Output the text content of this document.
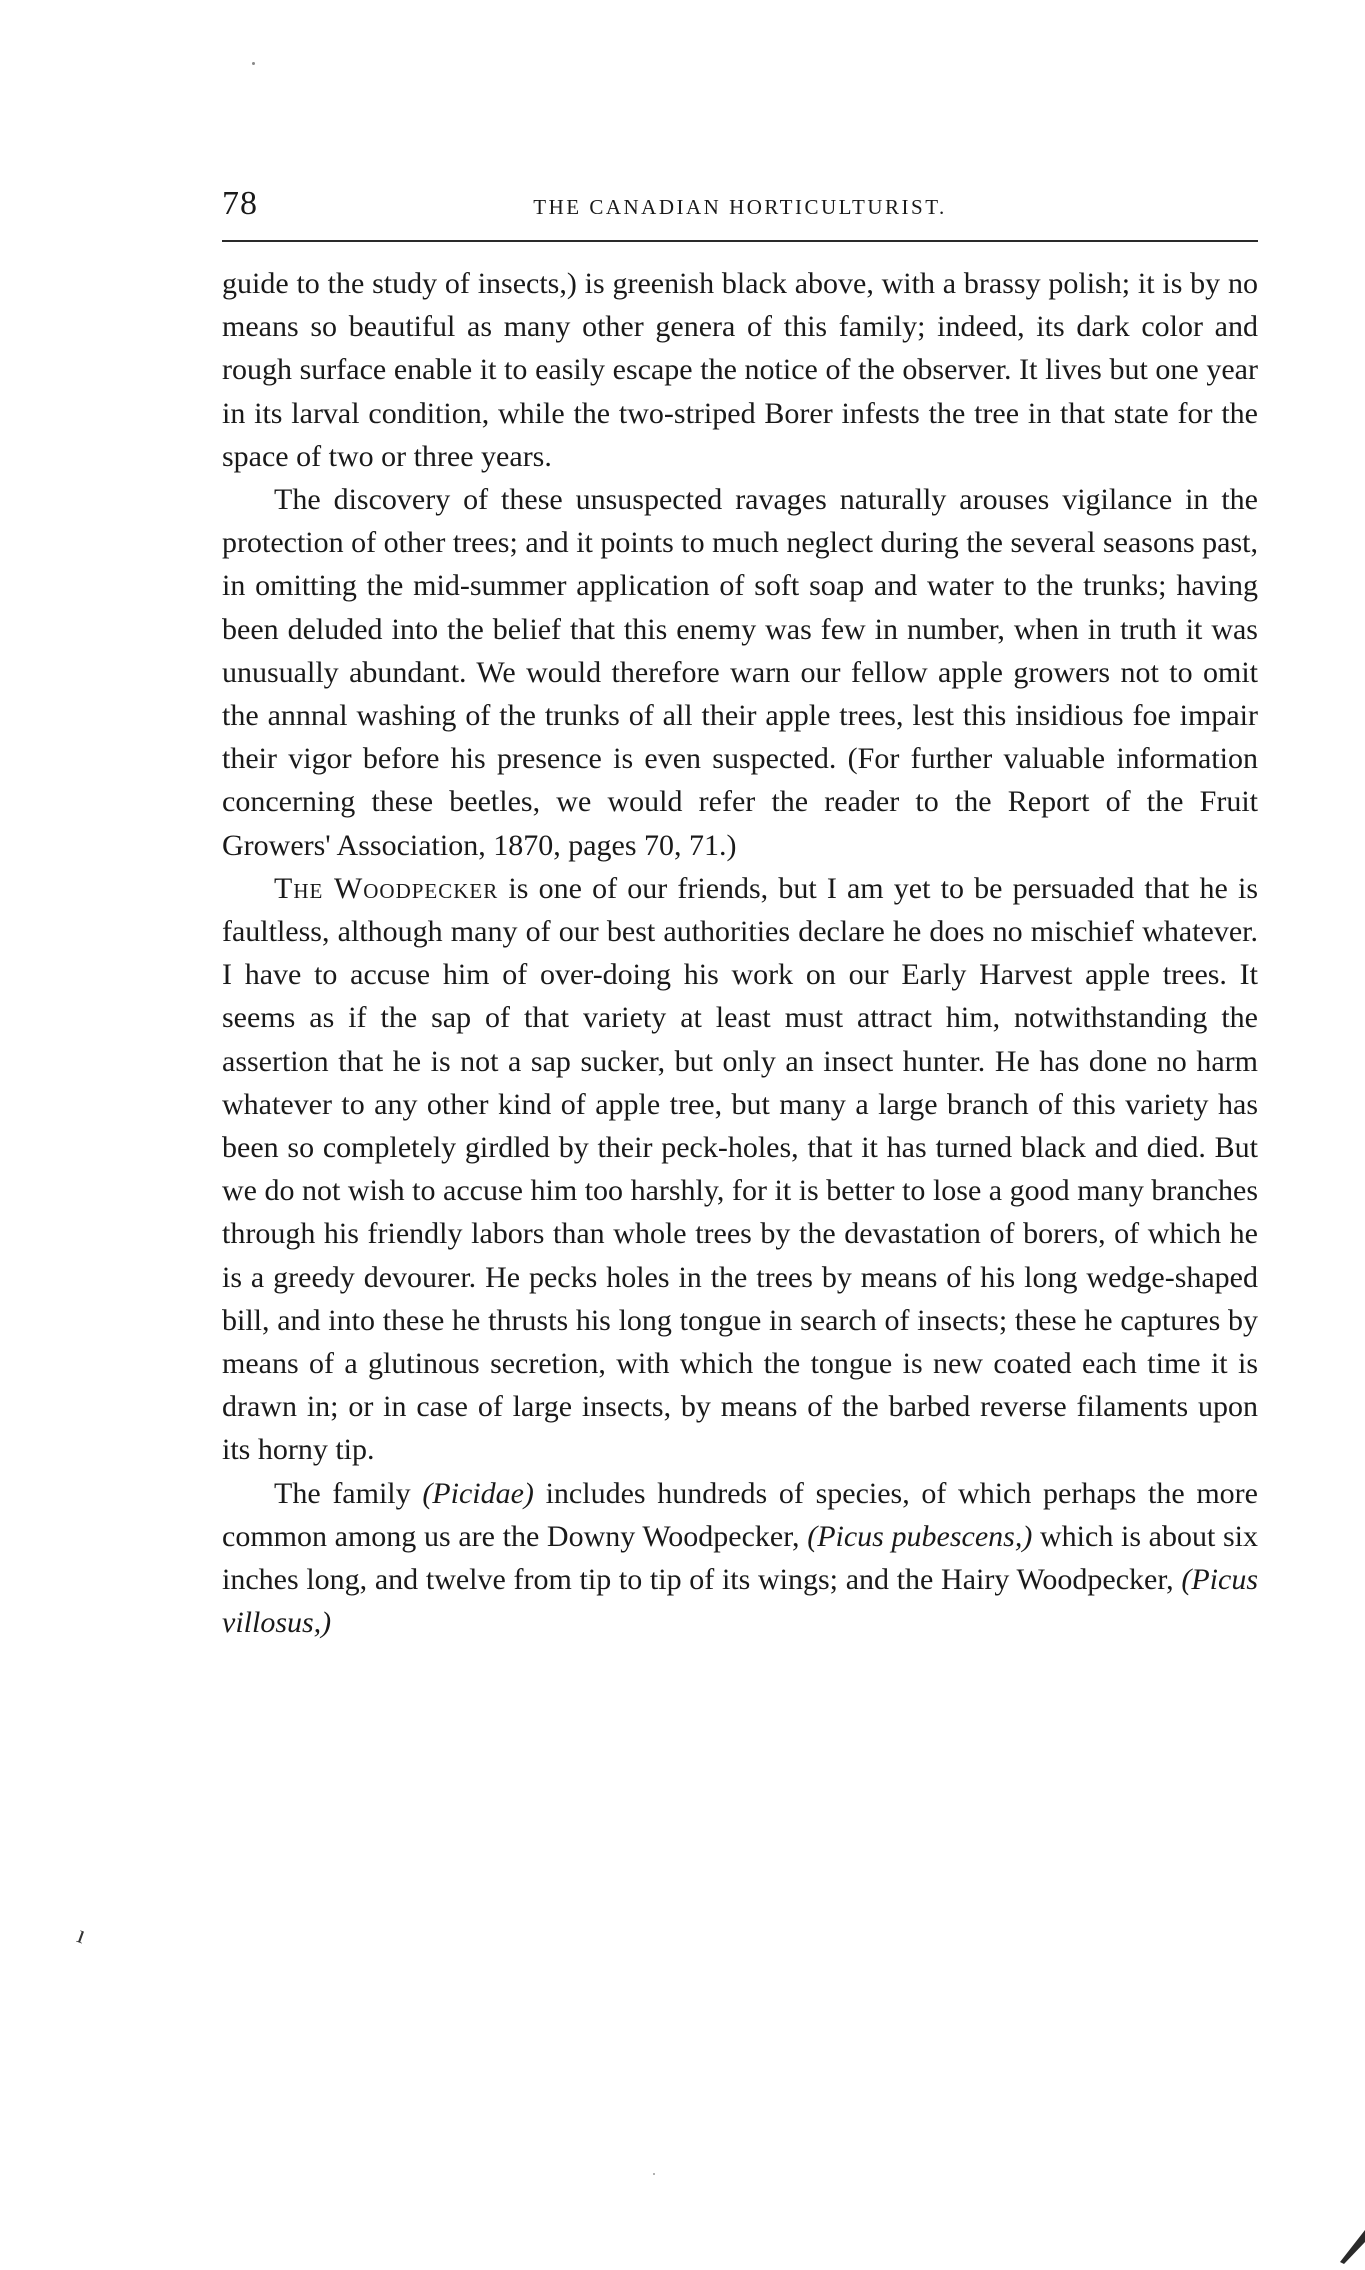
78	THE CANADIAN HORTICULTURIST.

guide to the study of insects,) is greenish black above, with a brassy polish; it is by no means so beautiful as many other genera of this family; indeed, its dark color and rough surface enable it to easily escape the notice of the observer. It lives but one year in its larval condition, while the two-striped Borer infests the tree in that state for the space of two or three years.

The discovery of these unsuspected ravages naturally arouses vigilance in the protection of other trees; and it points to much neglect during the several seasons past, in omitting the mid-summer application of soft soap and water to the trunks; having been deluded into the belief that this enemy was few in number, when in truth it was unusually abundant. We would therefore warn our fellow apple growers not to omit the annnal washing of the trunks of all their apple trees, lest this insidious foe impair their vigor before his presence is even suspected. (For further valuable information concerning these beetles, we would refer the reader to the Report of the Fruit Growers' Association, 1870, pages 70, 71.)

The Woodpecker is one of our friends, but I am yet to be persuaded that he is faultless, although many of our best authorities declare he does no mischief whatever. I have to accuse him of over-doing his work on our Early Harvest apple trees. It seems as if the sap of that variety at least must attract him, notwithstanding the assertion that he is not a sap sucker, but only an insect hunter. He has done no harm whatever to any other kind of apple tree, but many a large branch of this variety has been so completely girdled by their peck-holes, that it has turned black and died. But we do not wish to accuse him too harshly, for it is better to lose a good many branches through his friendly labors than whole trees by the devastation of borers, of which he is a greedy devourer. He pecks holes in the trees by means of his long wedge-shaped bill, and into these he thrusts his long tongue in search of insects; these he captures by means of a glutinous secretion, with which the tongue is new coated each time it is drawn in; or in case of large insects, by means of the barbed reverse filaments upon its horny tip.

The family (Picidae) includes hundreds of species, of which perhaps the more common among us are the Downy Woodpecker, (Picus pubescens,) which is about six inches long, and twelve from tip to tip of its wings; and the Hairy Woodpecker, (Picus villosus,)

ı
